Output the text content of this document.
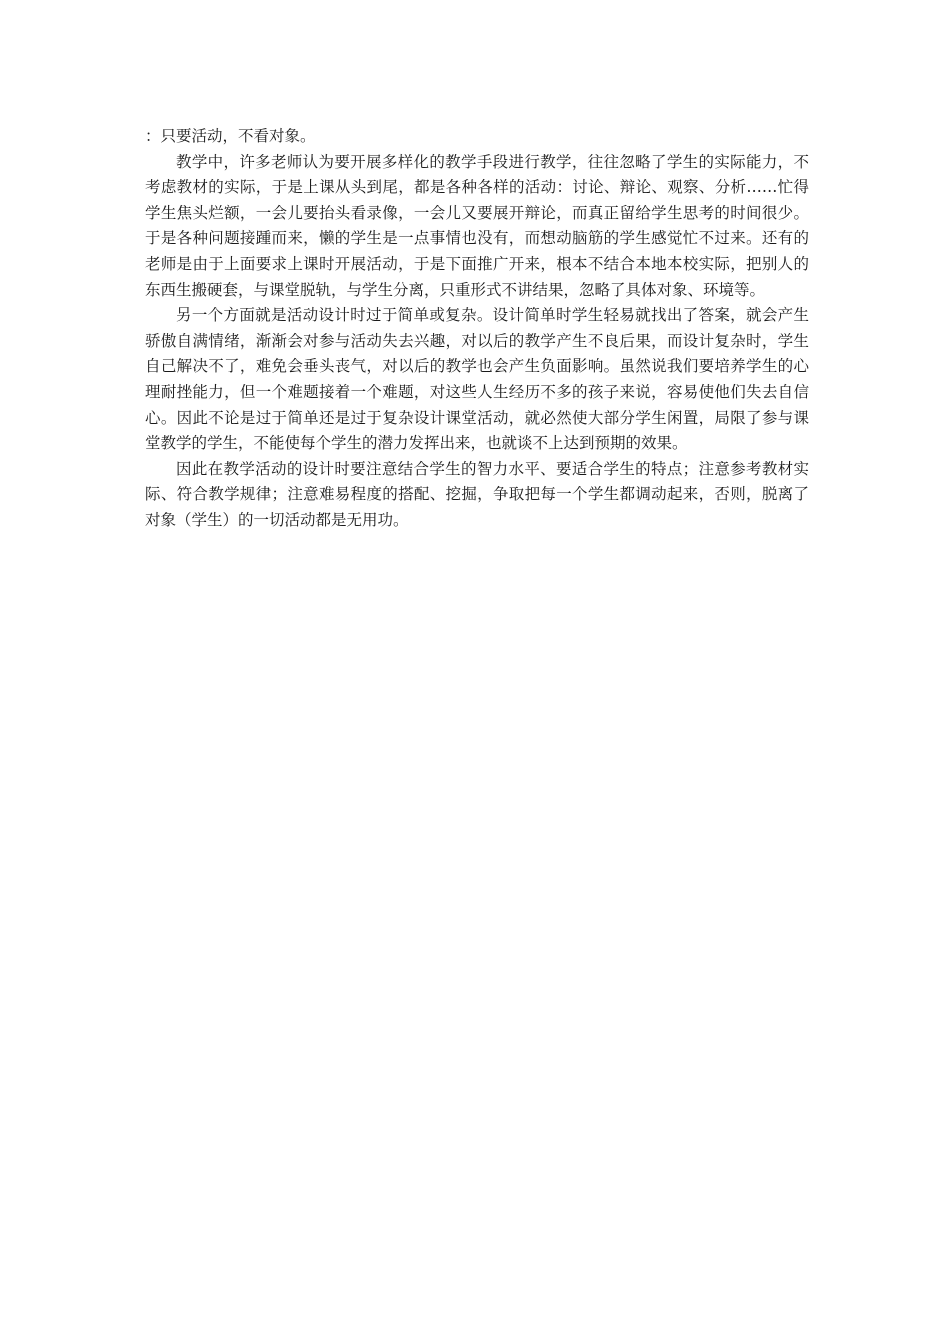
：只要活动，不看对象。

教学中，许多老师认为要开展多样化的教学手段进行教学，往往忽略了学生的实际能力，不考虑教材的实际，于是上课从头到尾，都是各种各样的活动：讨论、辩论、观察、分析……忙得学生焦头烂额，一会儿要抬头看录像，一会儿又要展开辩论，而真正留给学生思考的时间很少。于是各种问题接踵而来，懒的学生是一点事情也没有，而想动脑筋的学生感觉忙不过来。还有的老师是由于上面要求上课时开展活动，于是下面推广开来，根本不结合本地本校实际，把别人的东西生搬硬套，与课堂脱轨，与学生分离，只重形式不讲结果，忽略了具体对象、环境等。

另一个方面就是活动设计时过于简单或复杂。设计简单时学生轻易就找出了答案，就会产生骄傲自满情绪，渐渐会对参与活动失去兴趣，对以后的教学产生不良后果，而设计复杂时，学生自己解决不了，难免会垂头丧气，对以后的教学也会产生负面影响。虽然说我们要培养学生的心理耐挫能力，但一个难题接着一个难题，对这些人生经历不多的孩子来说，容易使他们失去自信心。因此不论是过于简单还是过于复杂设计课堂活动，就必然使大部分学生闲置，局限了参与课堂教学的学生，不能使每个学生的潜力发挥出来，也就谈不上达到预期的效果。

因此在教学活动的设计时要注意结合学生的智力水平、要适合学生的特点；注意参考教材实际、符合教学规律；注意难易程度的搭配、挖掘，争取把每一个学生都调动起来，否则，脱离了对象（学生）的一切活动都是无用功。
